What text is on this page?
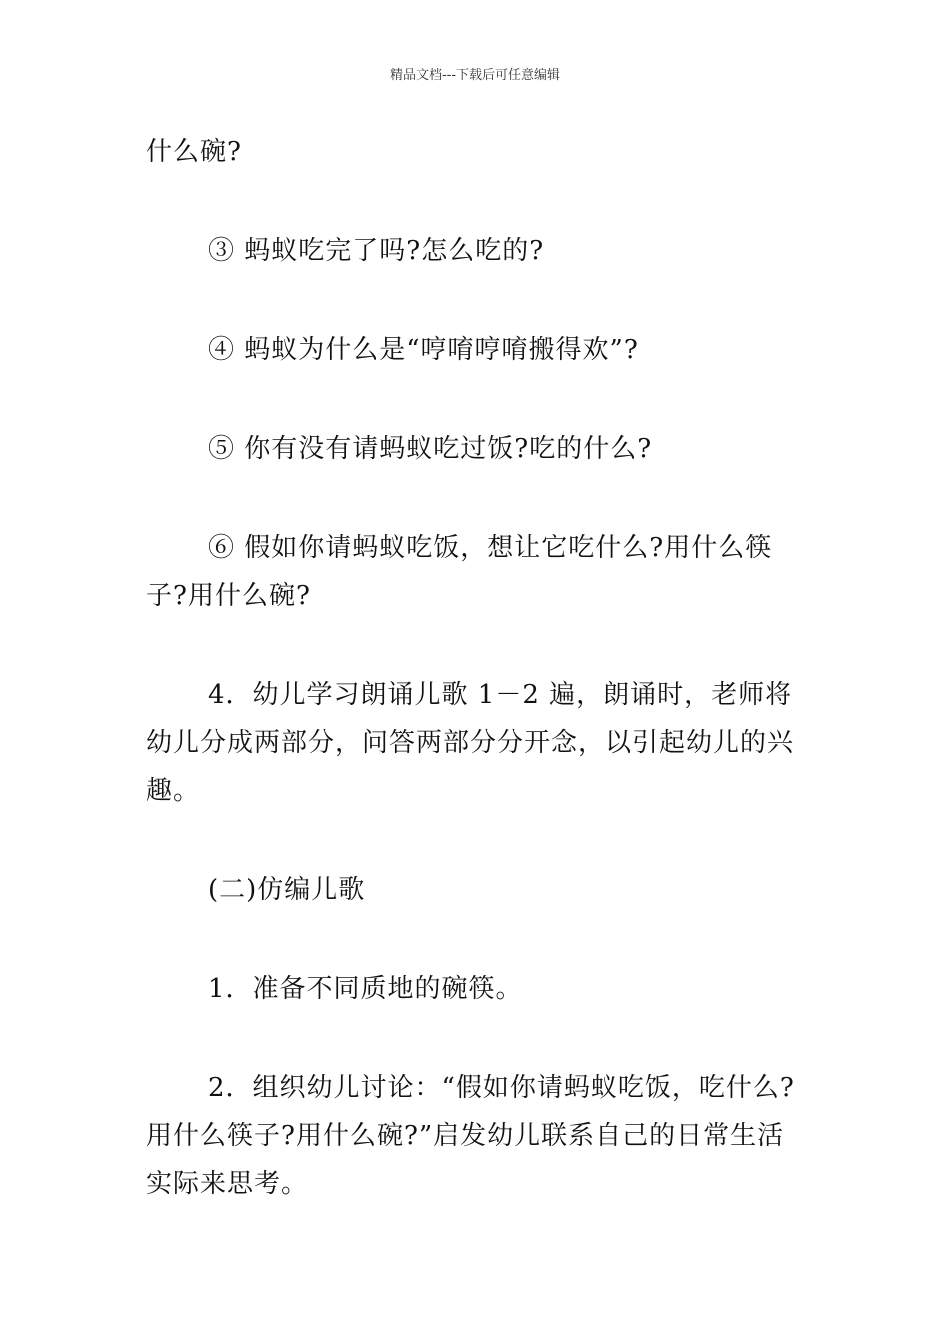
精品文档---下载后可任意编辑

什么碗?

③ 蚂蚁吃完了吗?怎么吃的?

④ 蚂蚁为什么是“哼唷哼唷搬得欢”?

⑤ 你有没有请蚂蚁吃过饭?吃的什么?

⑥ 假如你请蚂蚁吃饭，想让它吃什么?用什么筷子?用什么碗?

4．幼儿学习朗诵儿歌 1－2 遍，朗诵时，老师将幼儿分成两部分，问答两部分分开念，以引起幼儿的兴趣。

(二)仿编儿歌

1．准备不同质地的碗筷。

2．组织幼儿讨论：“假如你请蚂蚁吃饭，吃什么?用什么筷子?用什么碗?”启发幼儿联系自己的日常生活实际来思考。
